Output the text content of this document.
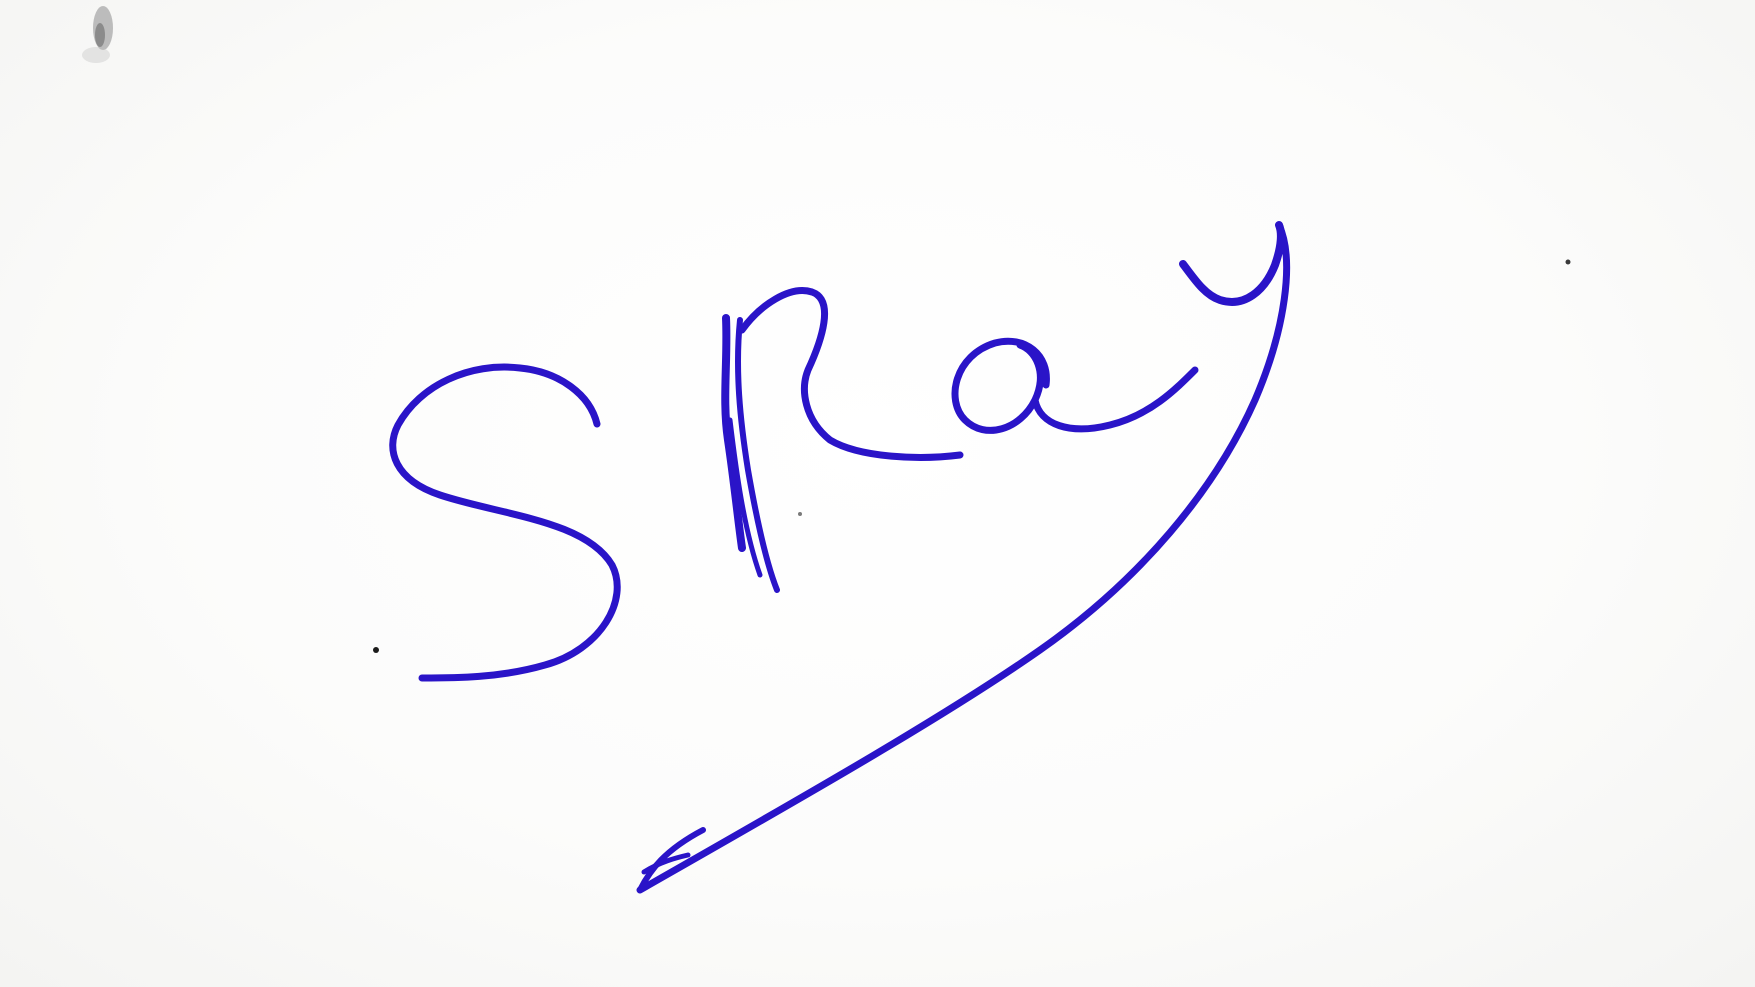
S Ray
